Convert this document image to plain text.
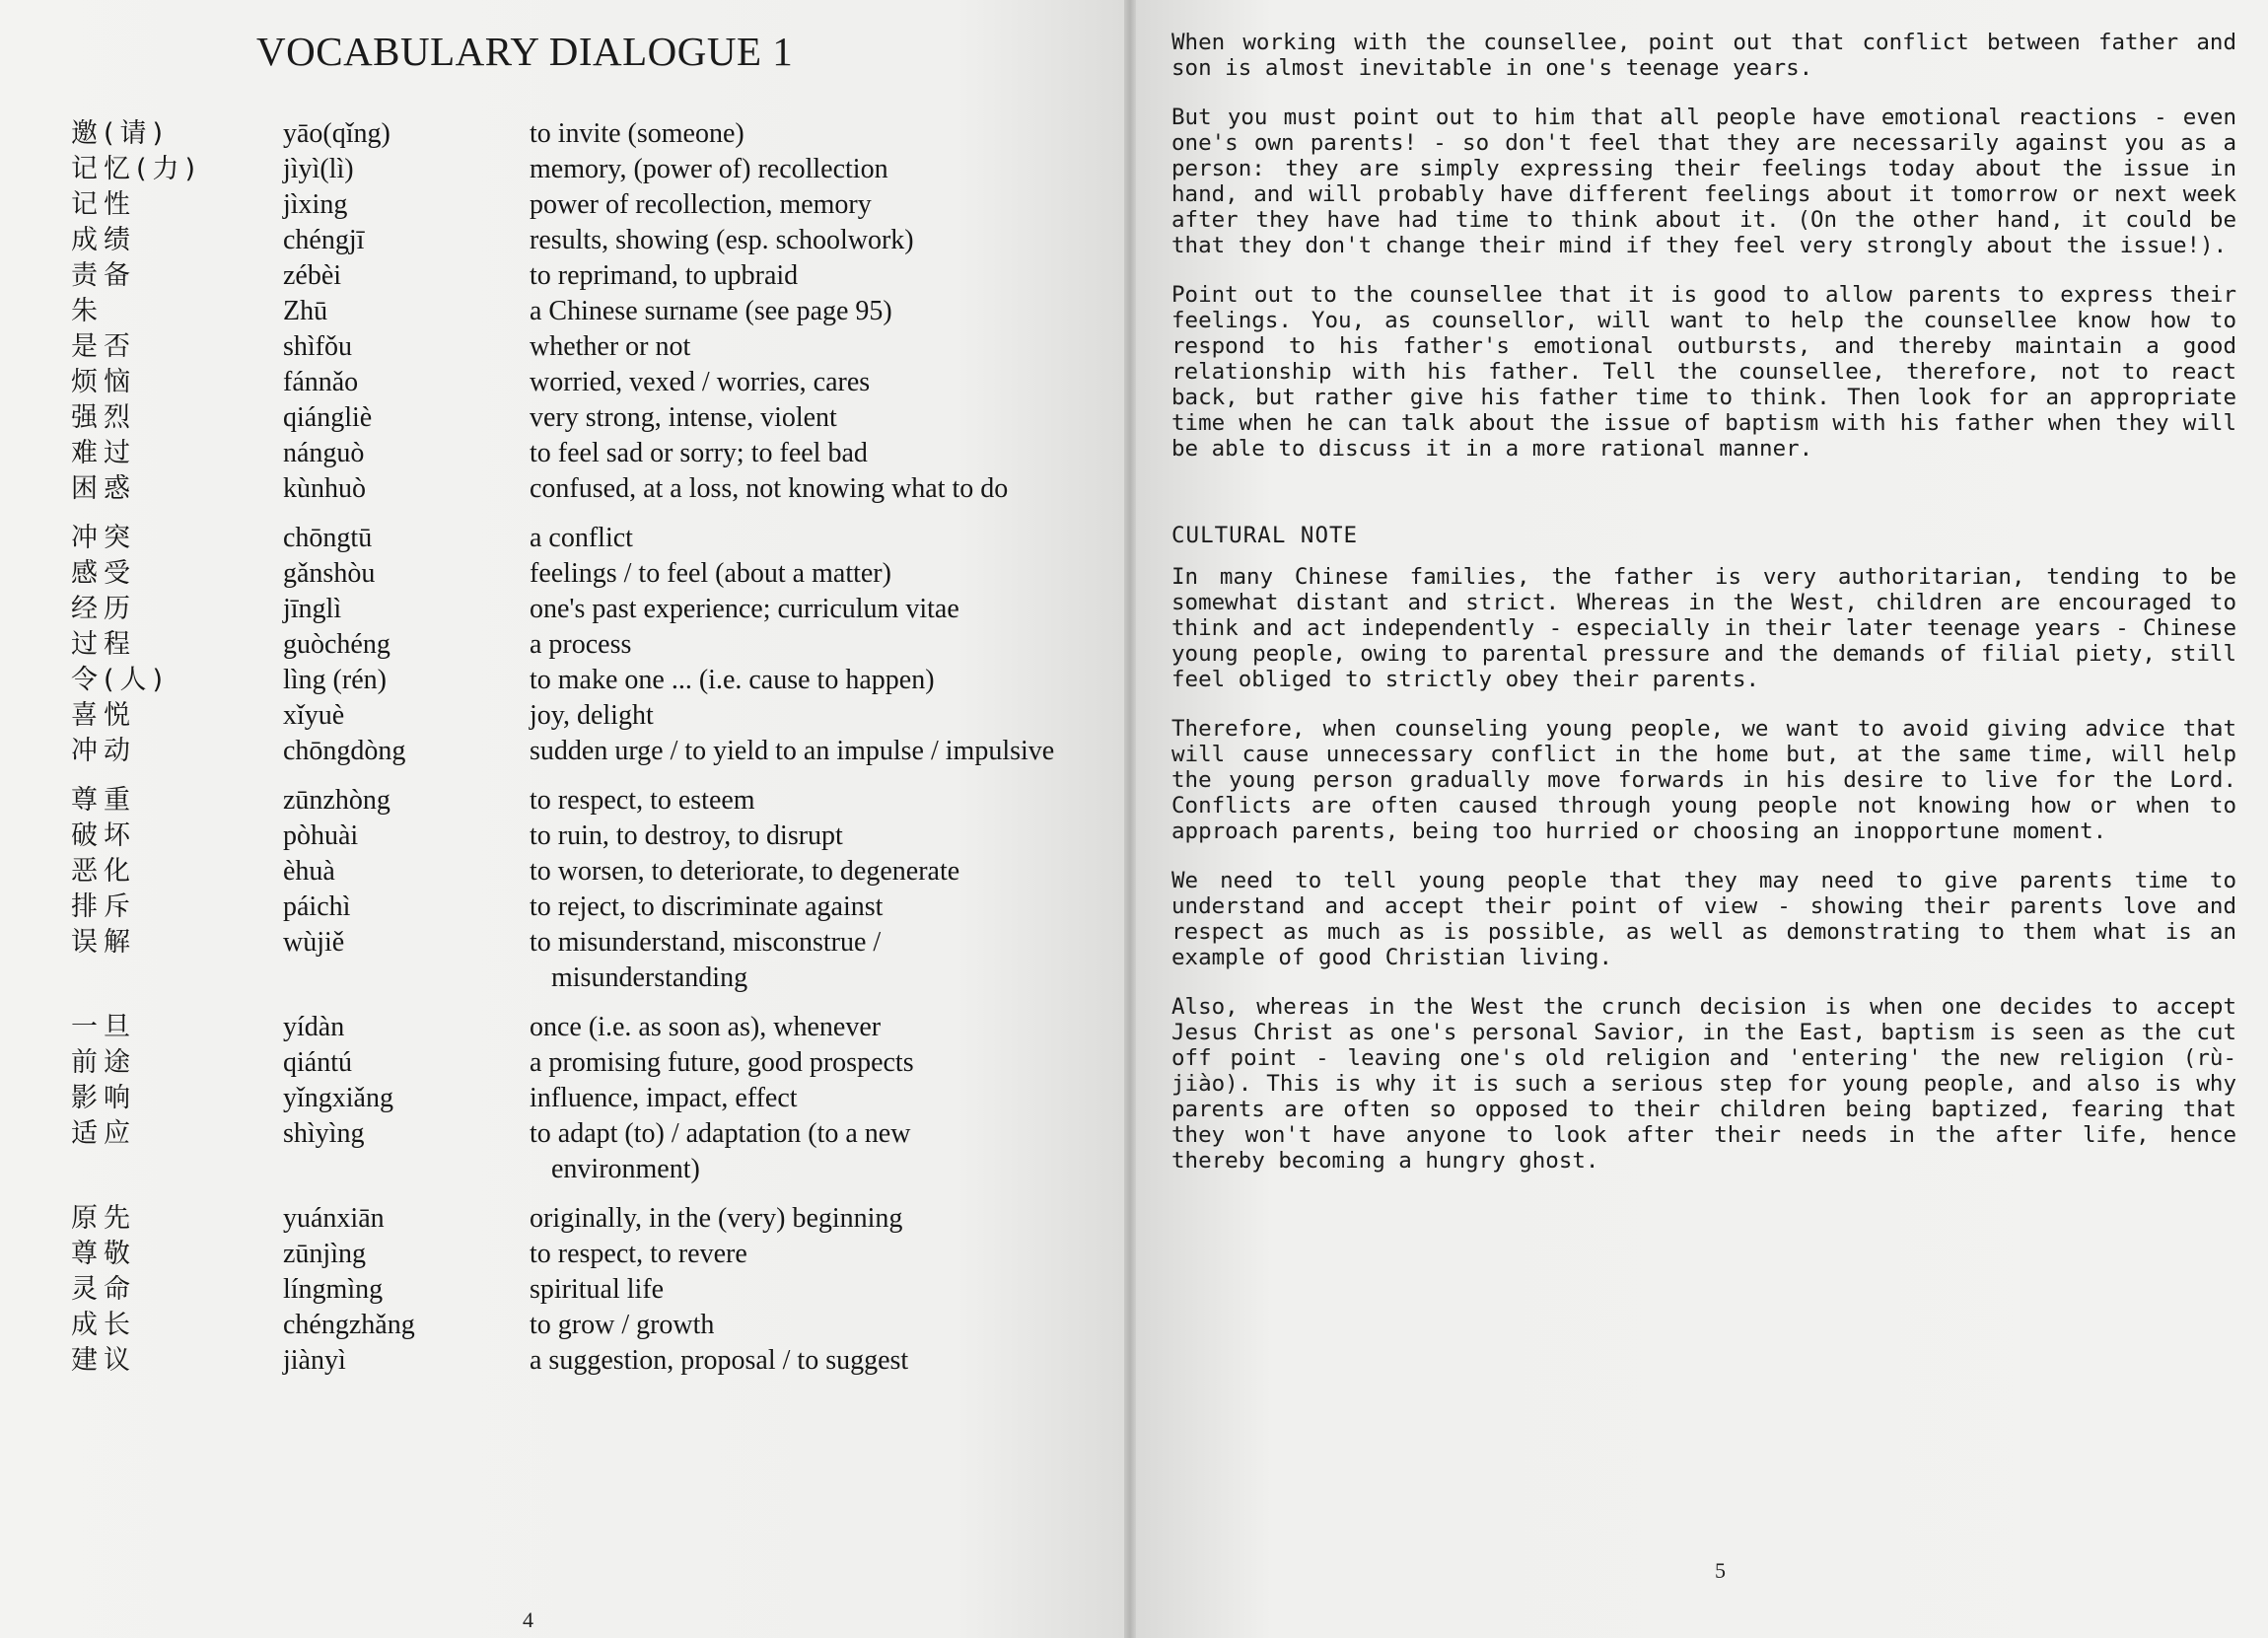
VOCABULARY DIALOGUE 1
邀(请)	yāo(qǐng)	to invite (someone)
记忆(力)	jìyì(lì)	memory, (power of) recollection
记性	jìxing	power of recollection, memory
成绩	chéngjī	results, showing (esp. schoolwork)
责备	zébèi	to reprimand, to upbraid
朱	Zhū	a Chinese surname (see page 95)
是否	shìfǒu	whether or not
烦恼	fánnǎo	worried, vexed / worries, cares
强烈	qiángliè	very strong, intense, violent
难过	nánguò	to feel sad or sorry; to feel bad
困惑	kùnhuò	confused, at a loss, not knowing what to do
冲突	chōngtū	a conflict
感受	gǎnshòu	feelings / to feel (about a matter)
经历	jīnglì	one's past experience; curriculum vitae
过程	guòchéng	a process
令(人)	lìng (rén)	to make one ... (i.e. cause to happen)
喜悦	xǐyuè	joy, delight
冲动	chōngdòng	sudden urge / to yield to an impulse / impulsive
尊重	zūnzhòng	to respect, to esteem
破坏	pòhuài	to ruin, to destroy, to disrupt
恶化	èhuà	to worsen, to deteriorate, to degenerate
排斥	páichì	to reject, to discriminate against
误解	wùjiě	to misunderstand, misconstrue / misunderstanding
一旦	yídàn	once (i.e. as soon as), whenever
前途	qiántú	a promising future, good prospects
影响	yǐngxiǎng	influence, impact, effect
适应	shìyìng	to adapt (to) / adaptation (to a new environment)
原先	yuánxiān	originally, in the (very) beginning
尊敬	zūnjìng	to respect, to revere
灵命	língmìng	spiritual life
成长	chéngzhǎng	to grow / growth
建议	jiànyì	a suggestion, proposal / to suggest
4

When working with the counsellee, point out that conflict between father and son is almost inevitable in one's teenage years.

But you must point out to him that all people have emotional reactions - even one's own parents! - so don't feel that they are necessarily against you as a person: they are simply expressing their feelings today about the issue in hand, and will probably have different feelings about it tomorrow or next week after they have had time to think about it. (On the other hand, it could be that they don't change their mind if they feel very strongly about the issue!).

Point out to the counsellee that it is good to allow parents to express their feelings. You, as counsellor, will want to help the counsellee know how to respond to his father's emotional outbursts, and thereby maintain a good relationship with his father. Tell the counsellee, therefore, not to react back, but rather give his father time to think. Then look for an appropriate time when he can talk about the issue of baptism with his father when they will be able to discuss it in a more rational manner.

CULTURAL NOTE

In many Chinese families, the father is very authoritarian, tending to be somewhat distant and strict. Whereas in the West, children are encouraged to think and act independently - especially in their later teenage years - Chinese young people, owing to parental pressure and the demands of filial piety, still feel obliged to strictly obey their parents.

Therefore, when counseling young people, we want to avoid giving advice that will cause unnecessary conflict in the home but, at the same time, will help the young person gradually move forwards in his desire to live for the Lord. Conflicts are often caused through young people not knowing how or when to approach parents, being too hurried or choosing an inopportune moment.

We need to tell young people that they may need to give parents time to understand and accept their point of view - showing their parents love and respect as much as is possible, as well as demonstrating to them what is an example of good Christian living.

Also, whereas in the West the crunch decision is when one decides to accept Jesus Christ as one's personal Savior, in the East, baptism is seen as the cut off point - leaving one's old religion and 'entering' the new religion (rù-jiào). This is why it is such a serious step for young people, and also is why parents are often so opposed to their children being baptized, fearing that they won't have anyone to look after their needs in the after life, hence thereby becoming a hungry ghost.

5
